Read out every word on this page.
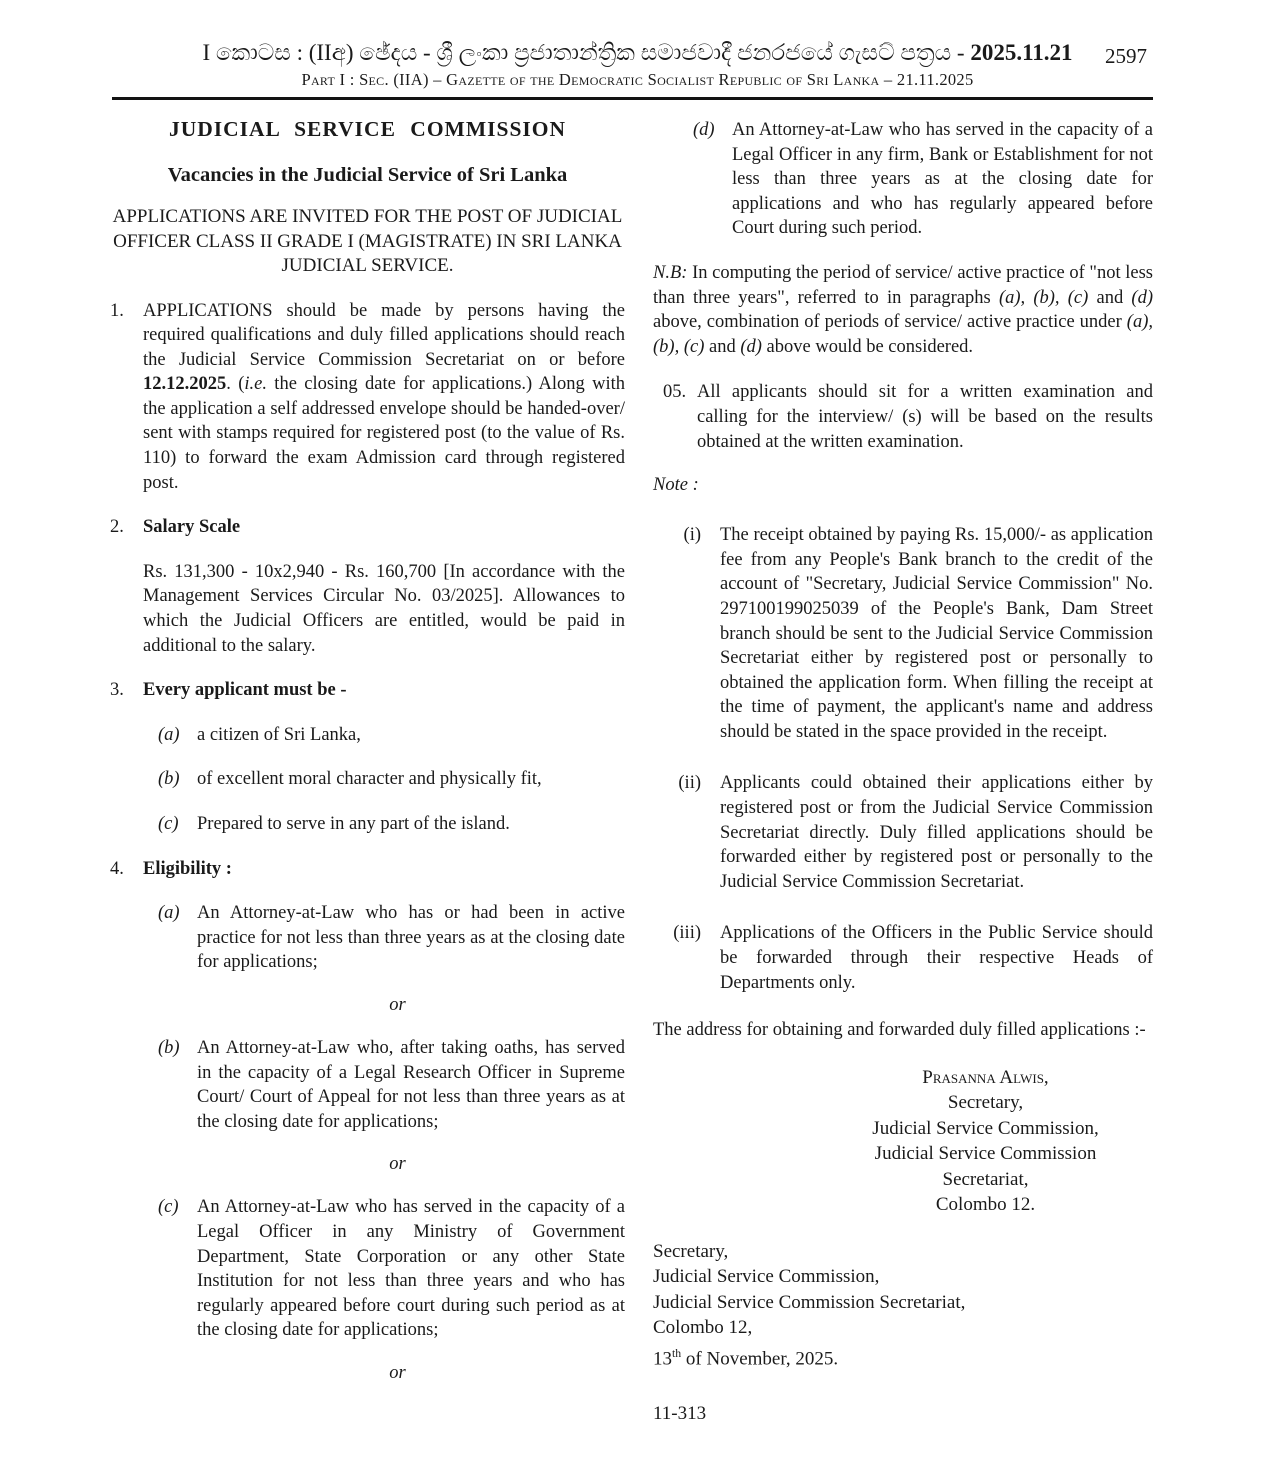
I කොටස : (IIඅ) ඡේදය - ශ්‍රී ලංකා ප්‍රජාතාන්ත්‍රික සමාජවාදී ජනරජයේ ගැසට් පත්‍රය - 2025.11.21	2597
Part I : Sec. (IIA) – Gazette of the Democratic Socialist Republic of Sri Lanka – 21.11.2025
JUDICIAL SERVICE COMMISSION
Vacancies in the Judicial Service of Sri Lanka
APPLICATIONS ARE INVITED FOR THE POST OF JUDICIAL OFFICER CLASS II GRADE I (MAGISTRATE) IN SRI LANKA JUDICIAL SERVICE.
1.	APPLICATIONS should be made by persons having the required qualifications and duly filled applications should reach the Judicial Service Commission Secretariat on or before 12.12.2025. (i.e. the closing date for applications.) Along with the application a self addressed envelope should be handed-over/ sent with stamps required for registered post (to the value of Rs. 110) to forward the exam Admission card through registered post.
2.	Salary Scale
Rs. 131,300 - 10x2,940 - Rs. 160,700 [In accordance with the Management Services Circular No. 03/2025]. Allowances to which the Judicial Officers are entitled, would be paid in additional to the salary.
3.	Every applicant must be -
(a) a citizen of Sri Lanka,
(b) of excellent moral character and physically fit,
(c) Prepared to serve in any part of the island.
4.	Eligibility :
(a) An Attorney-at-Law who has or had been in active practice for not less than three years as at the closing date for applications;
or
(b) An Attorney-at-Law who, after taking oaths, has served in the capacity of a Legal Research Officer in Supreme Court/ Court of Appeal for not less than three years as at the closing date for applications;
or
(c) An Attorney-at-Law who has served in the capacity of a Legal Officer in any Ministry of Government Department, State Corporation or any other State Institution for not less than three years and who has regularly appeared before court during such period as at the closing date for applications;
or
(d) An Attorney-at-Law who has served in the capacity of a Legal Officer in any firm, Bank or Establishment for not less than three years as at the closing date for applications and who has regularly appeared before Court during such period.
N.B: In computing the period of service/ active practice of "not less than three years", referred to in paragraphs (a), (b), (c) and (d) above, combination of periods of service/ active practice under (a), (b), (c) and (d) above would be considered.
05. All applicants should sit for a written examination and calling for the interview/ (s) will be based on the results obtained at the written examination.
Note :
(i) The receipt obtained by paying Rs. 15,000/- as application fee from any People's Bank branch to the credit of the account of "Secretary, Judicial Service Commission" No. 297100199025039 of the People's Bank, Dam Street branch should be sent to the Judicial Service Commission Secretariat either by registered post or personally to obtained the application form. When filling the receipt at the time of payment, the applicant's name and address should be stated in the space provided in the receipt.
(ii) Applicants could obtained their applications either by registered post or from the Judicial Service Commission Secretariat directly. Duly filled applications should be forwarded either by registered post or personally to the Judicial Service Commission Secretariat.
(iii) Applications of the Officers in the Public Service should be forwarded through their respective Heads of Departments only.
The address for obtaining and forwarded duly filled applications :-
Prasanna Alwis,
Secretary,
Judicial Service Commission,
Judicial Service Commission
Secretariat,
Colombo 12.
Secretary,
Judicial Service Commission,
Judicial Service Commission Secretariat,
Colombo 12,
13th of November, 2025.
11-313
